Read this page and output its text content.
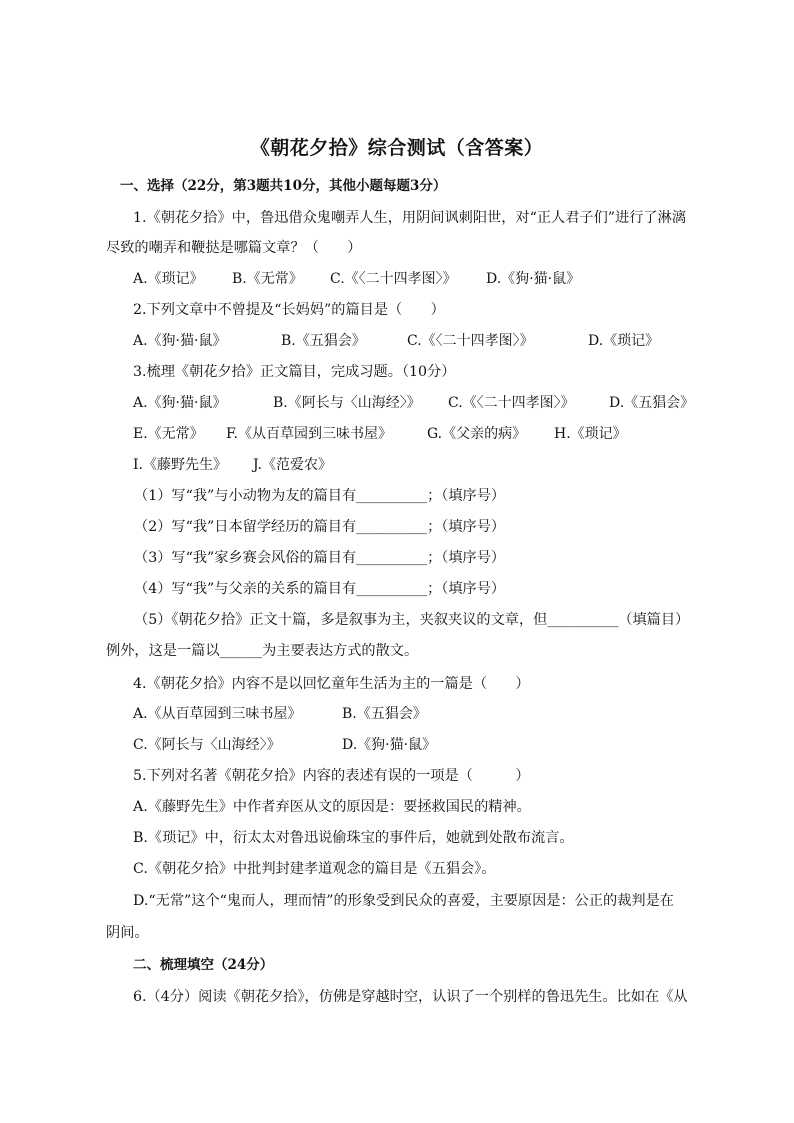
《朝花夕拾》综合测试（含答案）
一、选择（22分，第3题共10分，其他小题每题3分）
1.《朝花夕拾》中，鲁迅借众鬼嘲弄人生，用阴间讽刺阳世，对“正人君子们”进行了淋漓
尽致的嘲弄和鞭挞是哪篇文章？（　　）
A.《琐记》 B.《无常》 C.《〈二十四孝图〉》 D.《狗·猫·鼠》
2.下列文章中不曾提及“长妈妈”的篇目是（　　）
A.《狗·猫·鼠》	B.《五猖会》	C.《〈二十四孝图〉》	D.《琐记》
3.梳理《朝花夕拾》正文篇目，完成习题。（10分）
A.《狗·猫·鼠》	B.《阿长与〈山海经〉》 C.《〈二十四孝图〉》 D.《五猖会》
E.《无常》 F.《从百草园到三味书屋》	G.《父亲的病》 H.《琐记》
I.《藤野先生》 J.《范爱农》
（1）写“我”与小动物为友的篇目有__________；（填序号）
（2）写“我”日本留学经历的篇目有__________；（填序号）
（3）写“我”家乡赛会风俗的篇目有__________；（填序号）
（4）写“我”与父亲的关系的篇目有__________；（填序号）
（5）《朝花夕拾》正文十篇，多是叙事为主，夹叙夹议的文章，但__________（填篇目）
例外，这是一篇以______为主要表达方式的散文。
4.《朝花夕拾》内容不是以回忆童年生活为主的一篇是（　　）
A.《从百草园到三味书屋》	B.《五猖会》
C.《阿长与〈山海经〉》	D.《狗·猫·鼠》
5.下列对名著《朝花夕拾》内容的表述有误的一项是（　　　）
A.《藤野先生》中作者弃医从文的原因是：要拯救国民的精神。
B.《琐记》中，衍太太对鲁迅说偷珠宝的事件后，她就到处散布流言。
C.《朝花夕拾》中批判封建孝道观念的篇目是《五猖会》。
D.“无常”这个“鬼而人，理而情”的形象受到民众的喜爱，主要原因是：公正的裁判是在
阴间。
二、梳理填空（24分）
6.（4分）阅读《朝花夕拾》，仿佛是穿越时空，认识了一个别样的鲁迅先生。比如在《从
